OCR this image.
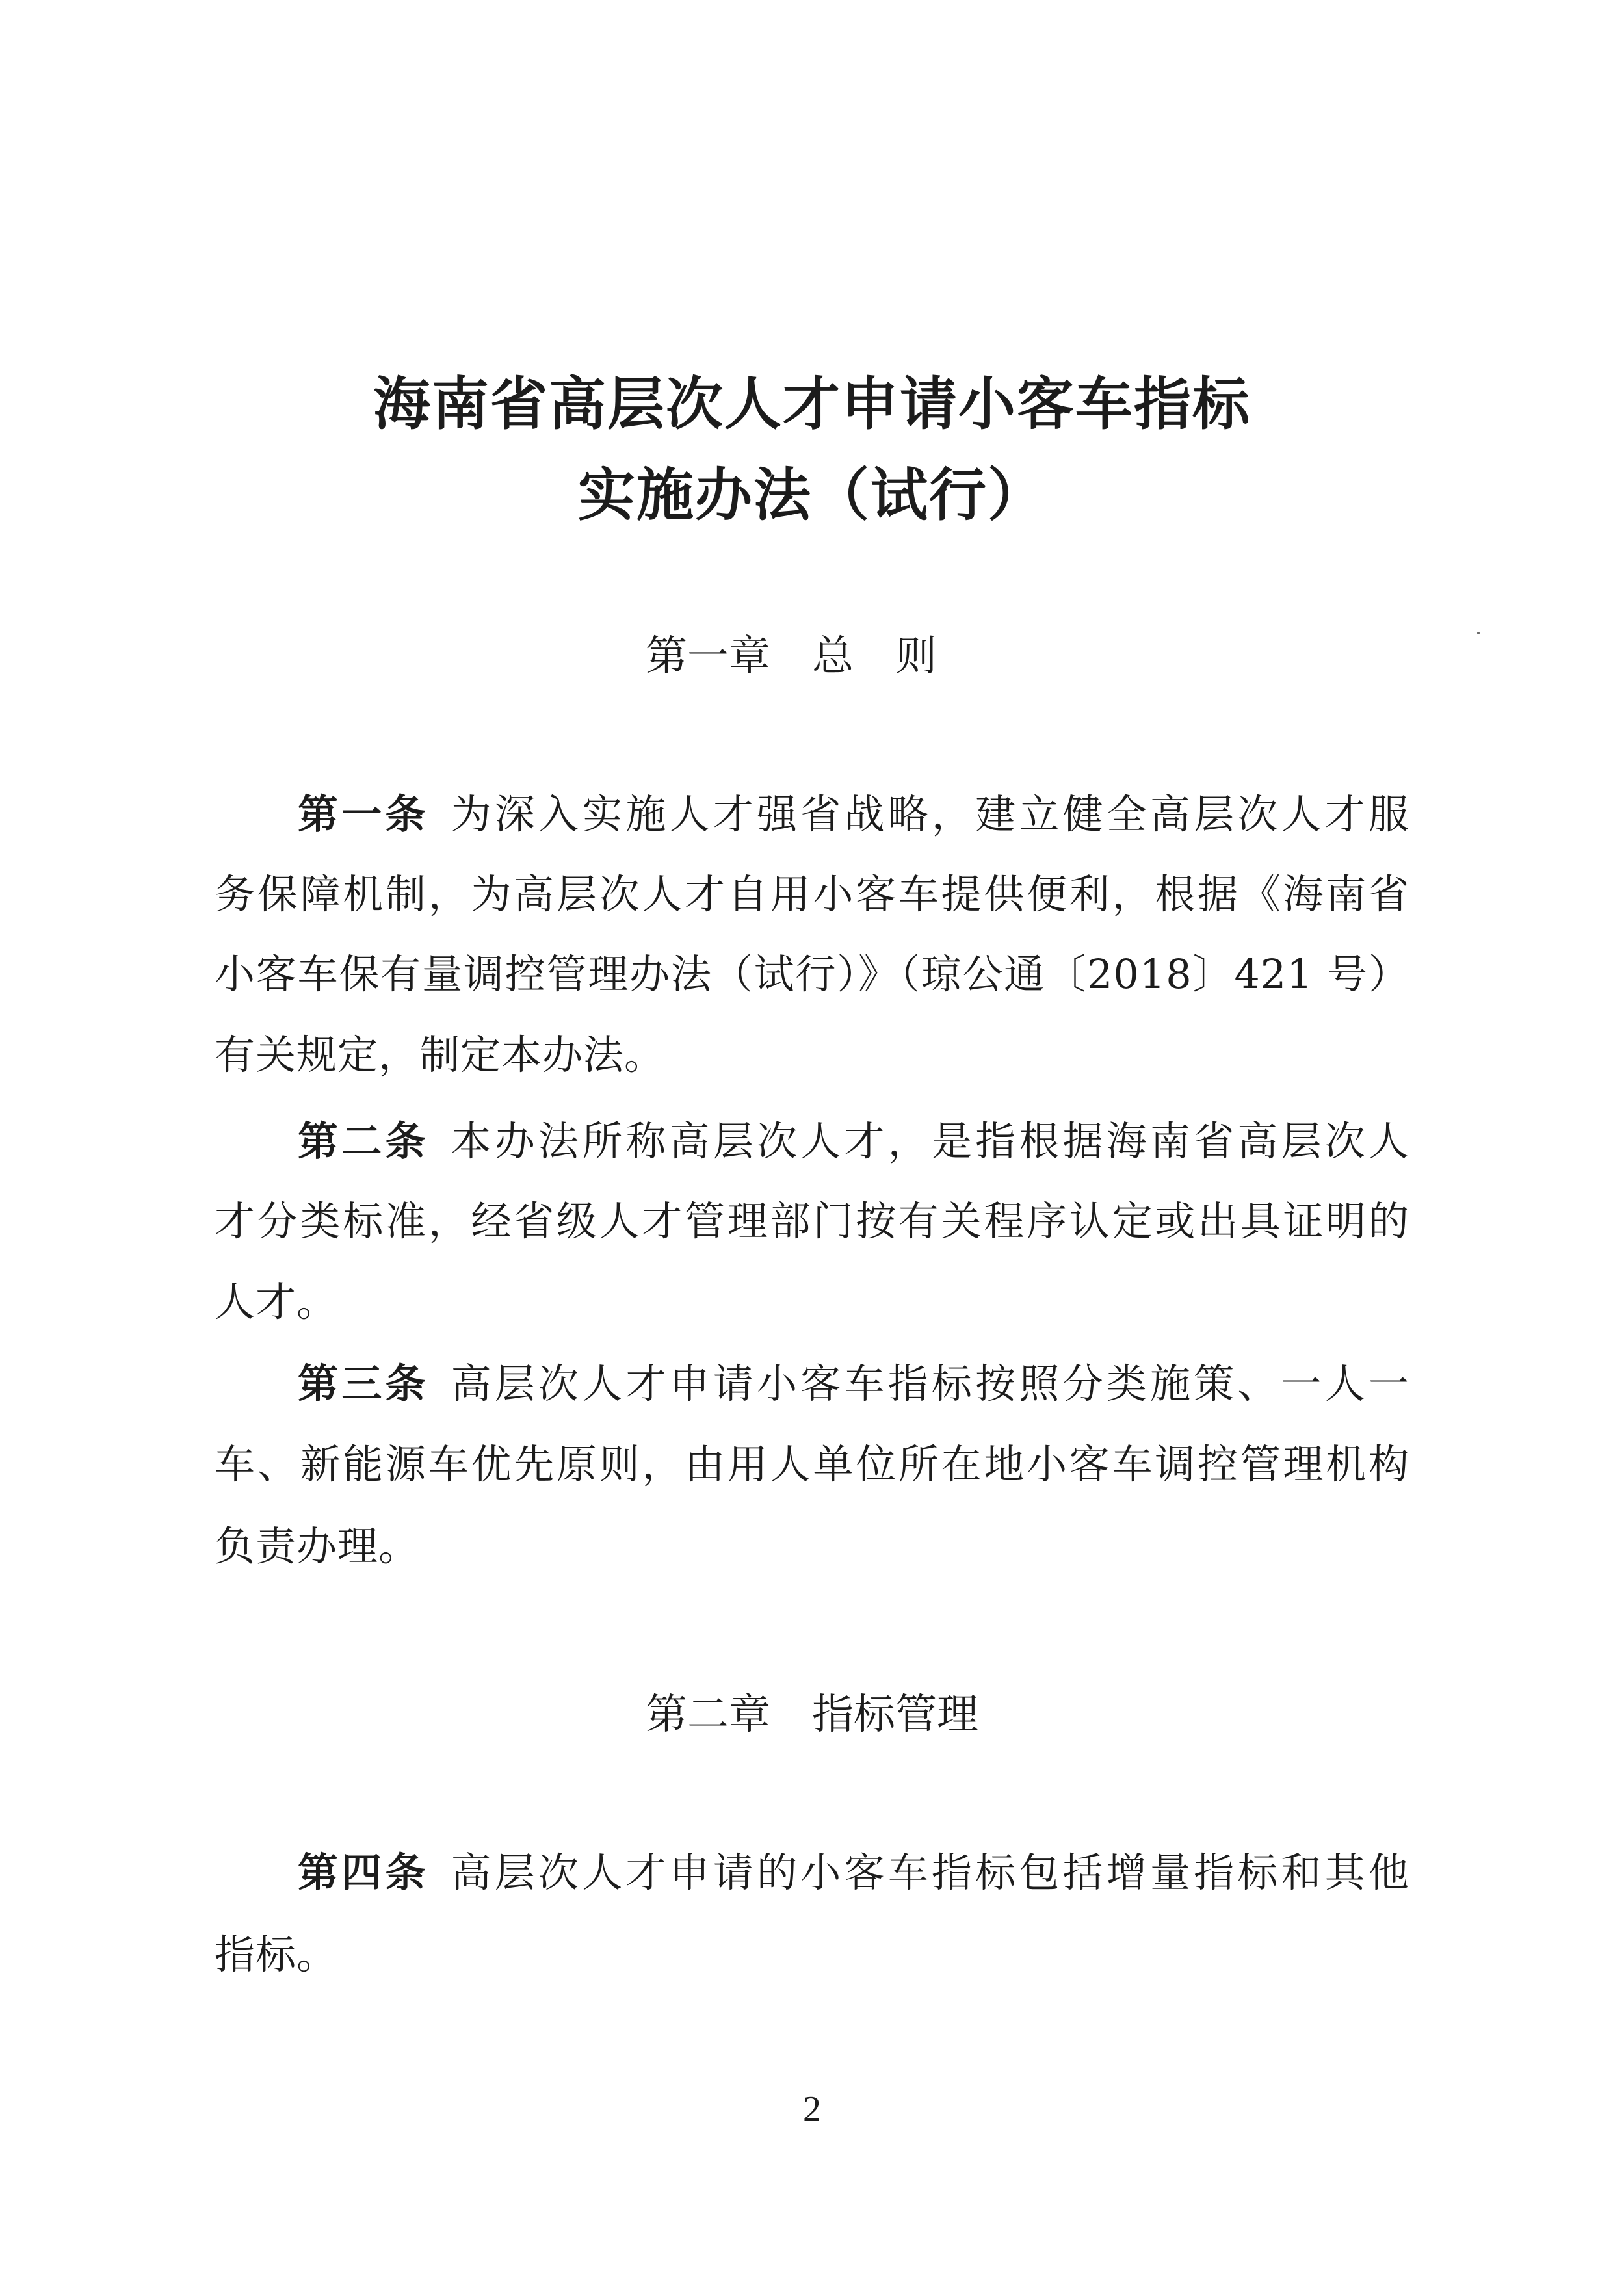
海南省高层次人才申请小客车指标
实施办法（试行）
第一章 总则
第一条 为深入实施人才强省战略，建立健全高层次人才服
务保障机制，为高层次人才自用小客车提供便利，根据《海南省
小客车保有量调控管理办法（试行）》（琼公通〔2018〕421 号）
有关规定，制定本办法。
第二条 本办法所称高层次人才，是指根据海南省高层次人
才分类标准，经省级人才管理部门按有关程序认定或出具证明的
人才。
第三条 高层次人才申请小客车指标按照分类施策、一人一
车、新能源车优先原则，由用人单位所在地小客车调控管理机构
负责办理。
第二章 指标管理
第四条 高层次人才申请的小客车指标包括增量指标和其他
指标。
2
